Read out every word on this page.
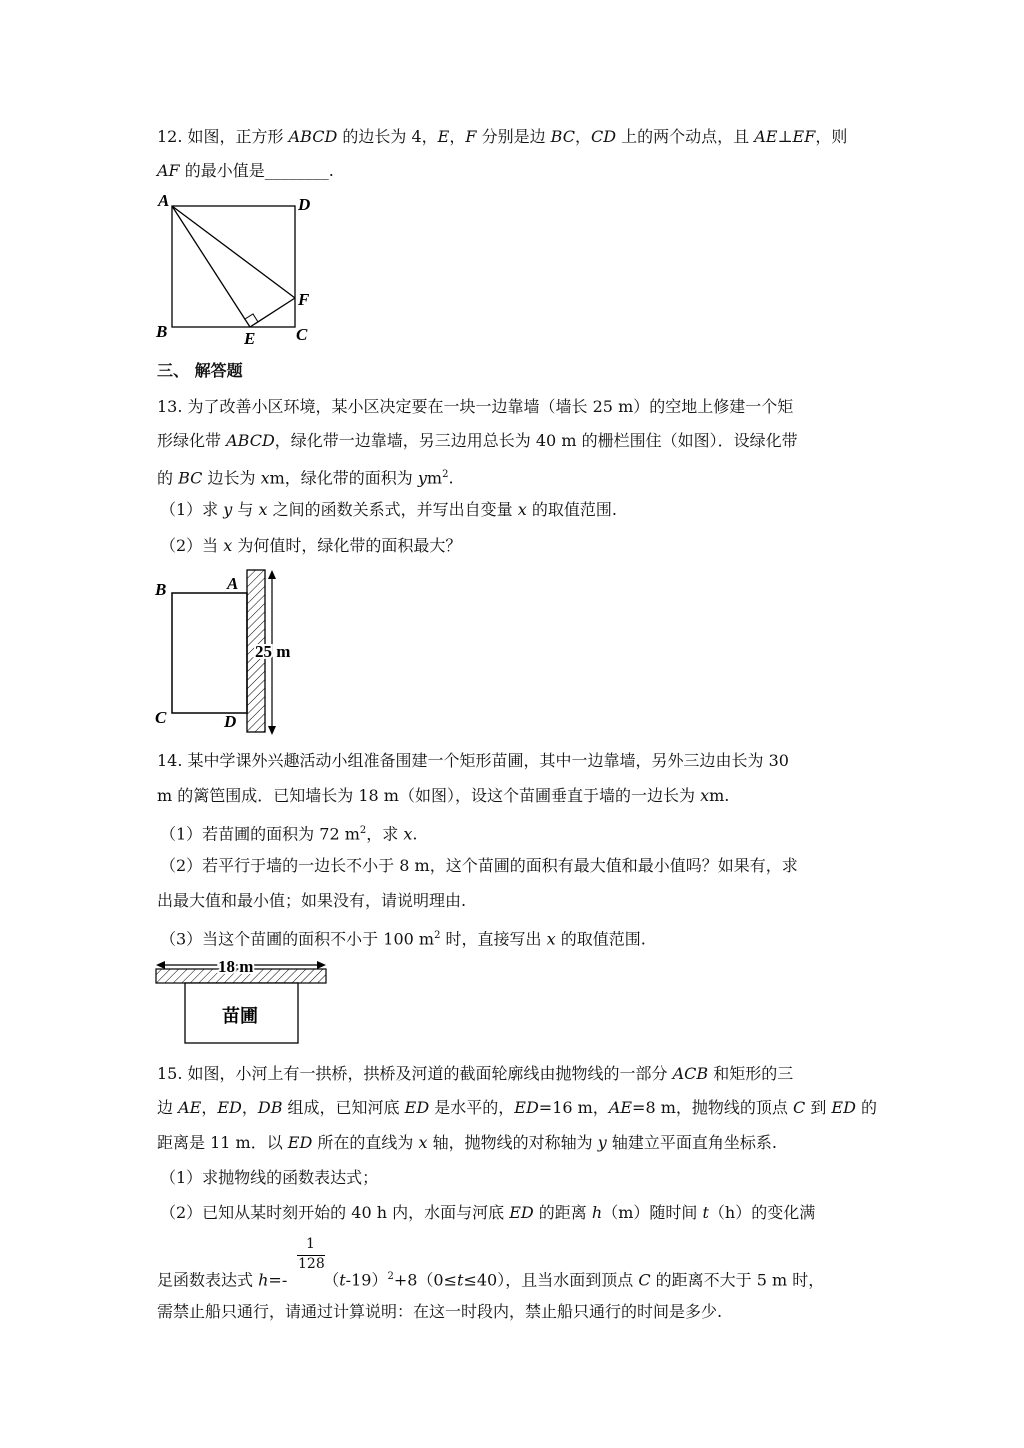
12. 如图，正方形 ABCD 的边长为 4，E，F 分别是边 BC，CD 上的两个动点，且 AE⊥EF，则
AF 的最小值是________.
A	D
B	C
E
F
三、 解答题
13. 为了改善小区环境，某小区决定要在一块一边靠墙（墙长 25 m）的空地上修建一个矩
形绿化带 ABCD，绿化带一边靠墙，另三边用总长为 40 m 的栅栏围住（如图）．设绿化带
的 BC 边长为 xm，绿化带的面积为 $ym^2$.
（1）求 y 与 x 之间的函数关系式，并写出自变量 x 的取值范围.
（2）当 x 为何值时，绿化带的面积最大？
25 m
A
B
C	D
14. 某中学课外兴趣活动小组准备围建一个矩形苗圃，其中一边靠墙，另外三边由长为 30
m 的篱笆围成．已知墙长为 18 m（如图），设这个苗圃垂直于墙的一边长为 xm.
（1）若苗圃的面积为 72 $m^2$，求 x.
（2）若平行于墙的一边长不小于 8 m，这个苗圃的面积有最大值和最小值吗？如果有，求
出最大值和最小值；如果没有，请说明理由.
（3）当这个苗圃的面积不小于 100 $m^2$ 时，直接写出 x 的取值范围.
18 m
苗圃
15. 如图，小河上有一拱桥，拱桥及河道的截面轮廓线由抛物线的一部分 ACB 和矩形的三
边 AE，ED，DB 组成，已知河底 ED 是水平的，ED=16 m，AE=8 m，抛物线的顶点 C 到 ED 的
距离是 11 m．以 ED 所在的直线为 x 轴，抛物线的对称轴为 y 轴建立平面直角坐标系.
（1）求抛物线的函数表达式；
（2）已知从某时刻开始的 40 h 内，水面与河底 ED 的距离 h（m）随时间 t（h）的变化满
1
128
足函数表达式 h=- $(t-19)^2+8(0\le t\le 40)$，且当水面到顶点 C 的距离不大于 5 m 时，
需禁止船只通行，请通过计算说明：在这一时段内，禁止船只通行的时间是多少.
